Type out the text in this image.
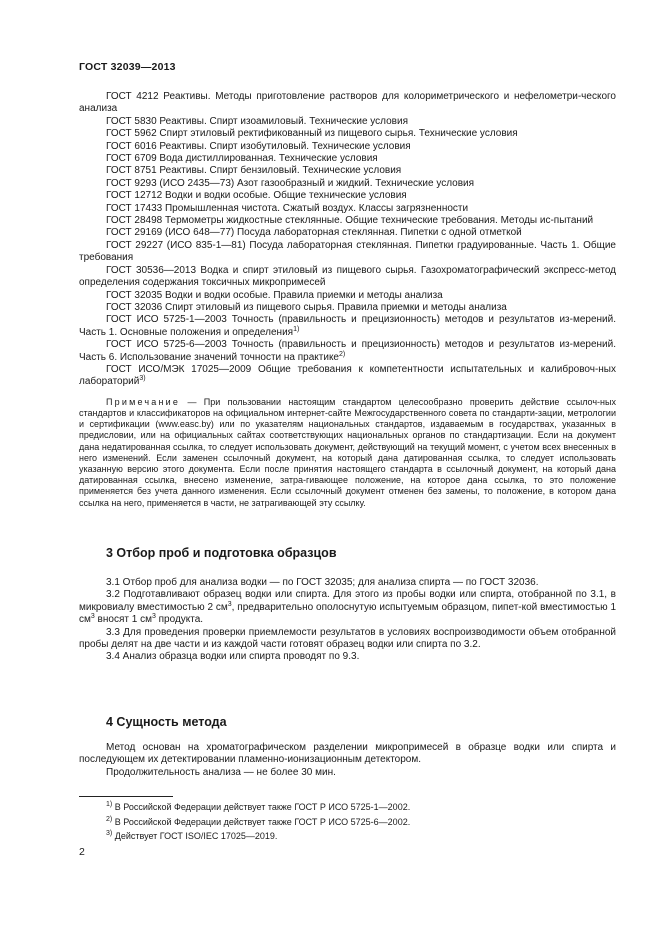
ГОСТ 32039—2013

ГОСТ 4212 Реактивы. Методы приготовление растворов для колориметрического и нефелометри-ческого анализа

ГОСТ 5830 Реактивы. Спирт изоамиловый. Технические условия

ГОСТ 5962 Спирт этиловый ректификованный из пищевого сырья. Технические условия

ГОСТ 6016 Реактивы. Спирт изобутиловый. Технические условия

ГОСТ 6709 Вода дистиллированная. Технические условия

ГОСТ 8751 Реактивы. Спирт бензиловый. Технические условия

ГОСТ 9293 (ИСО 2435—73) Азот газообразный и жидкий. Технические условия

ГОСТ 12712 Водки и водки особые. Общие технические условия

ГОСТ 17433 Промышленная чистота. Сжатый воздух. Классы загрязненности

ГОСТ 28498 Термометры жидкостные стеклянные. Общие технические требования. Методы ис-пытаний

ГОСТ 29169 (ИСО 648—77) Посуда лабораторная стеклянная. Пипетки с одной отметкой

ГОСТ 29227 (ИСО 835-1—81) Посуда лабораторная стеклянная. Пипетки градуированные. Часть 1. Общие требования

ГОСТ 30536—2013 Водка и спирт этиловый из пищевого сырья. Газохроматографический экспресс-метод определения содержания токсичных микропримесей

ГОСТ 32035 Водки и водки особые. Правила приемки и методы анализа

ГОСТ 32036 Спирт этиловый из пищевого сырья. Правила приемки и методы анализа

ГОСТ ИСО 5725-1—2003 Точность (правильность и прецизионность) методов и результатов из-мерений. Часть 1. Основные положения и определения$^{1)}$

ГОСТ ИСО 5725-6—2003 Точность (правильность и прецизионность) методов и результатов из-мерений. Часть 6. Использование значений точности на практике$^{2)}$

ГОСТ ИСО/МЭК 17025—2009 Общие требования к компетентности испытательных и калибровоч-ных лабораторий$^{3)}$

Примечание — При пользовании настоящим стандартом целесообразно проверить действие ссылоч-ных стандартов и классификаторов на официальном интернет-сайте Межгосударственного совета по стандарти-зации, метрологии и сертификации (www.easc.by) или по указателям национальных стандартов, издаваемым в государствах, указанных в предисловии, или на официальных сайтах соответствующих национальных органов по стандартизации. Если на документ дана недатированная ссылка, то следует использовать документ, действующий на текущий момент, с учетом всех внесенных в него изменений. Если заменен ссылочный документ, на который дана датированная ссылка, то следует использовать указанную версию этого документа. Если после принятия настоящего стандарта в ссылочный документ, на который дана датированная ссылка, внесено изменение, затра-гивающее положение, на которое дана ссылка, то это положение применяется без учета данного изменения. Если ссылочный документ отменен без замены, то положение, в котором дана ссылка на него, применяется в части, не затрагивающей эту ссылку.
3 Отбор проб и подготовка образцов

3.1 Отбор проб для анализа водки — по ГОСТ 32035; для анализа спирта — по ГОСТ 32036.

3.2 Подготавливают образец водки или спирта. Для этого из пробы водки или спирта, отобранной по 3.1, в микровиалу вместимостью 2 $см^3$, предварительно ополоснутую испытуемым образцом, пипет-кой вместимостью 1 $см^3$ вносят 1 $см^3$ продукта.

3.3 Для проведения проверки приемлемости результатов в условиях воспроизводимости объем отобранной пробы делят на две части и из каждой части готовят образец водки или спирта по 3.2.

3.4 Анализ образца водки или спирта проводят по 9.3.

4 Сущность метода

Метод основан на хроматографическом разделении микропримесей в образце водки или спирта и последующем их детектировании пламенно-ионизационным детектором.

Продолжительность анализа — не более 30 мин.

$^{1)}$ В Российской Федерации действует также ГОСТ Р ИСО 5725-1—2002.

$^{2)}$ В Российской Федерации действует также ГОСТ Р ИСО 5725-6—2002.

$^{3)}$ Действует ГОСТ ISO/IEC 17025—2019.

2
